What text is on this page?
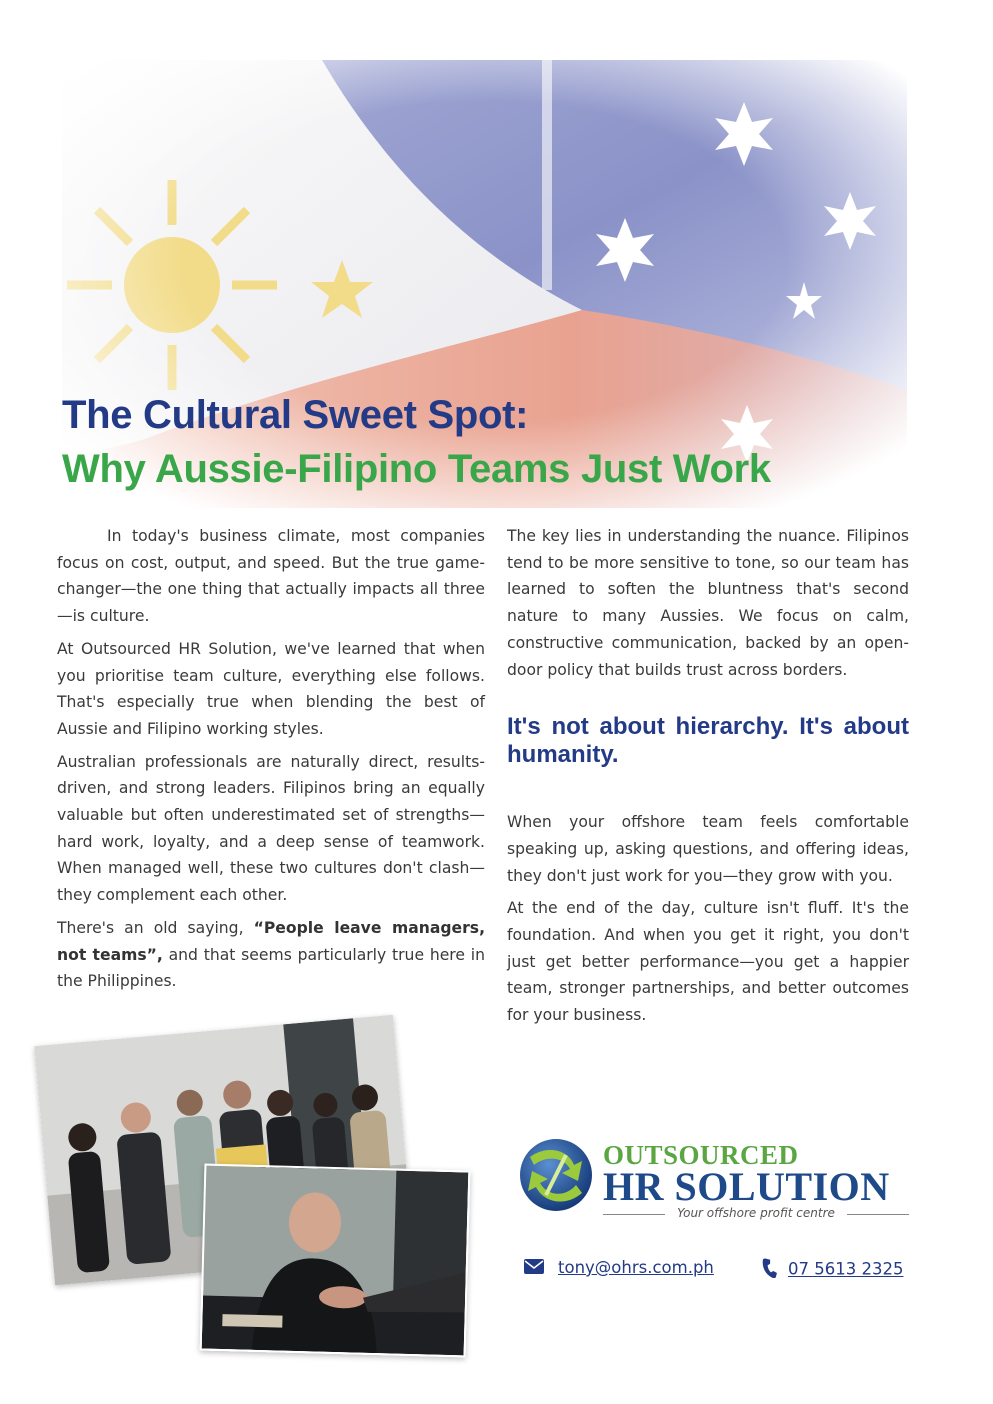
The Cultural Sweet Spot:
Why Aussie-Filipino Teams Just Work

In today's business climate, most companies focus on cost, output, and speed. But the true game-changer—the one thing that actually impacts all three—is culture.

At Outsourced HR Solution, we've learned that when you prioritise team culture, everything else follows. That's especially true when blending the best of Aussie and Filipino working styles.

Australian professionals are naturally direct, results-driven, and strong leaders. Filipinos bring an equally valuable but often underestimated set of strengths—hard work, loyalty, and a deep sense of teamwork. When managed well, these two cultures don't clash—they complement each other.

There's an old saying, “People leave managers, not teams”, and that seems particularly true here in the Philippines.

The key lies in understanding the nuance. Filipinos tend to be more sensitive to tone, so our team has learned to soften the bluntness that's second nature to many Aussies. We focus on calm, constructive communication, backed by an open-door policy that builds trust across borders.

It's not about hierarchy. It's about humanity.

When your offshore team feels comfortable speaking up, asking questions, and offering ideas, they don't just work for you—they grow with you.

At the end of the day, culture isn't fluff. It's the foundation. And when you get it right, you don't just get better performance—you get a happier team, stronger partnerships, and better outcomes for your business.

OUTSOURCED
HR SOLUTION
Your offshore profit centre
tony@ohrs.com.ph	07 5613 2325
